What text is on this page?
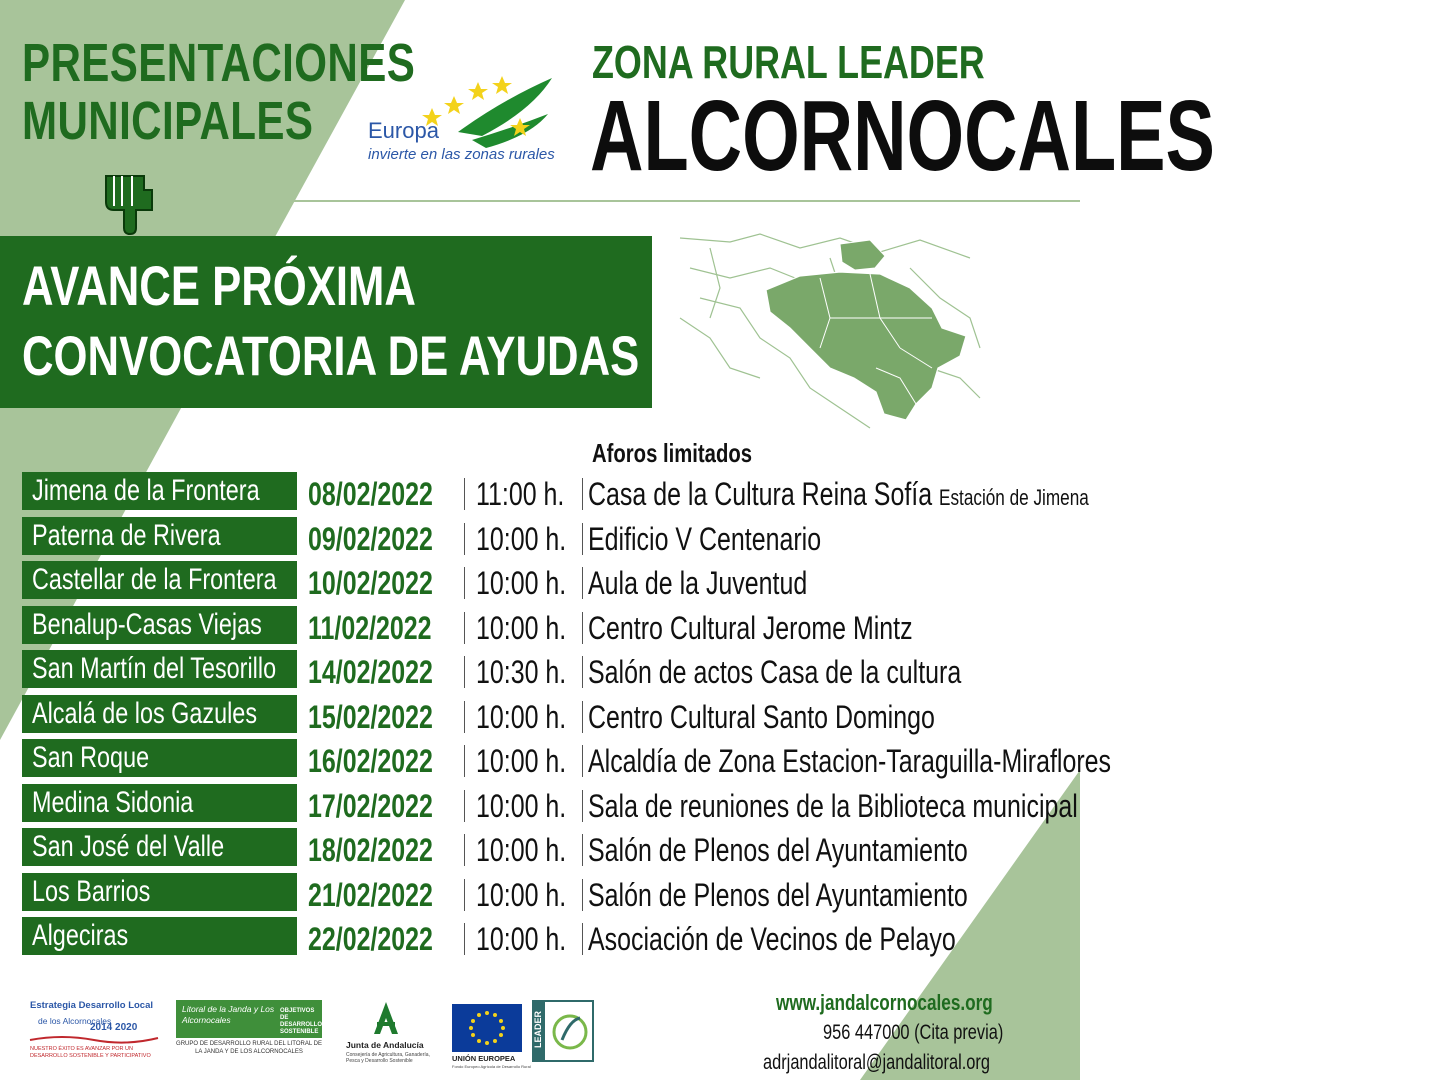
PRESENTACIONES
MUNICIPALES	Europa
invierte en las zonas rurales
ZONA RURAL LEADER
ALCORNOCALES
AVANCE PRÓXIMA
CONVOCATORIA DE AYUDAS
Aforos limitados
Jimena de la Frontera	08/02/2022	11:00 h. Casa de la Cultura Reina Sofía Estación de Jimena
Paterna de Rivera	09/02/2022	10:00 h. Edificio V Centenario
Castellar de la Frontera 10/02/2022	10:00 h. Aula de la Juventud
Benalup-Casas Viejas	11/02/2022	10:00 h. Centro Cultural Jerome Mintz
San Martín del Tesorillo 14/02/2022	10:30 h. Salón de actos Casa de la cultura
Alcalá de los Gazules	15/02/2022	10:00 h. Centro Cultural Santo Domingo
San Roque	16/02/2022	10:00 h. Alcaldía de Zona Estacion-Taraguilla-Miraflores
Medina Sidonia	17/02/2022	10:00 h. Sala de reuniones de la Biblioteca municipal
San José del Valle	18/02/2022	10:00 h. Salón de Plenos del Ayuntamiento
Los Barrios	21/02/2022	10:00 h. Salón de Plenos del Ayuntamiento
Algeciras	22/02/2022	10:00 h. Asociación de Vecinos de Pelayo
Estrategia Desarrollo Local
de los Alcornocales
2014 2020
NUESTRO ÉXITO ES AVANZAR POR UN DESARROLLO SOSTENIBLE Y PARTICIPATIVO
Litoral de la Janda y Los Alcornocales
OBJETIVOS DE DESARROLLO SOSTENIBLE
GRUPO DE DESARROLLO RURAL DEL LITORAL DE LA JANDA Y DE LOS ALCORNOCALES
Junta de Andalucía
Consejería de Agricultura, Ganadería, Pesca y Desarrollo Sostenible	UNIÓN EUROPEA
Fondo Europeo Agrícola de Desarrollo Rural
LEADER
www.jandalcornocales.org
956 447000 (Cita previa)
adrjandalitoral@jandalitoral.org
